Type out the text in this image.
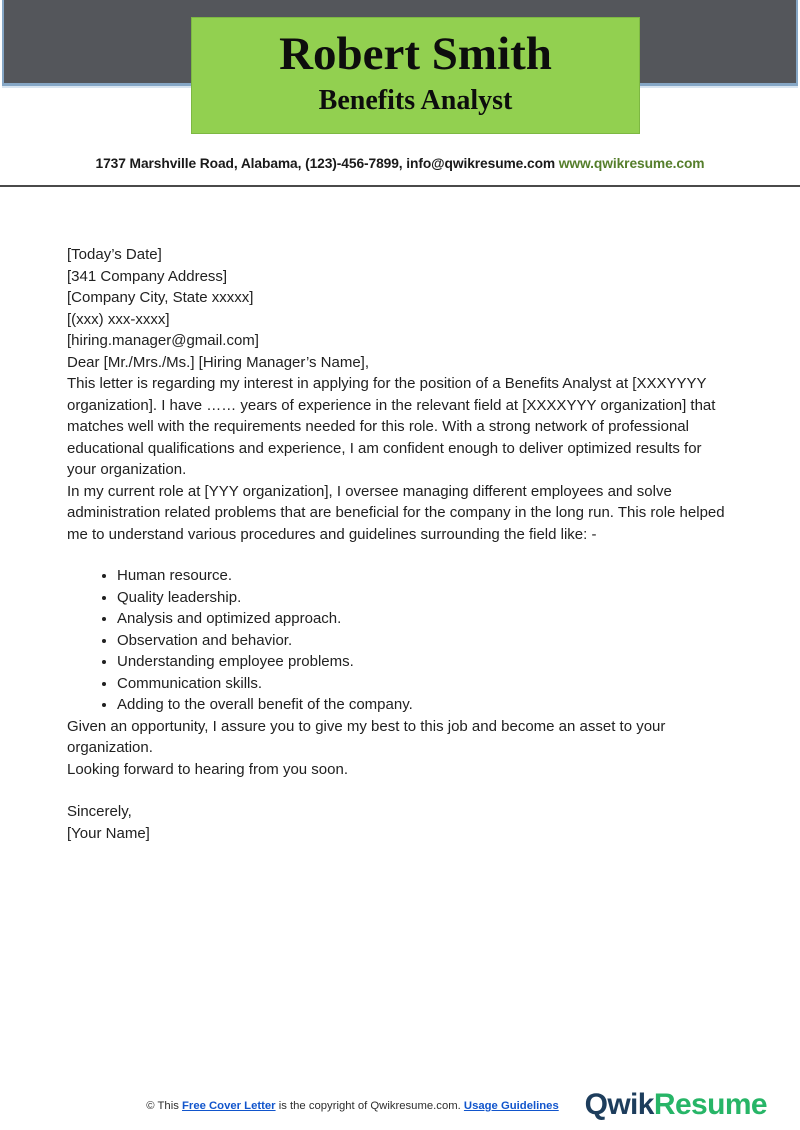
Robert Smith
Benefits Analyst
1737 Marshville Road, Alabama, (123)-456-7899, info@qwikresume.com www.qwikresume.com

[Today’s Date]

[341 Company Address]

[Company City, State xxxxx]

[(xxx) xxx-xxxx]

[hiring.manager@gmail.com]

Dear [Mr./Mrs./Ms.] [Hiring Manager’s Name],

This letter is regarding my interest in applying for the position of a Benefits Analyst at [XXXYYYY organization]. I have …… years of experience in the relevant field at [XXXXYYY organization] that matches well with the requirements needed for this role. With a strong network of professional educational qualifications and experience, I am confident enough to deliver optimized results for your organization.

In my current role at [YYY organization], I oversee managing different employees and solve administration related problems that are beneficial for the company in the long run. This role helped me to understand various procedures and guidelines surrounding the field like: -

• Human resource.
• Quality leadership.
• Analysis and optimized approach.
• Observation and behavior.
• Understanding employee problems.
• Communication skills.
• Adding to the overall benefit of the company.

Given an opportunity, I assure you to give my best to this job and become an asset to your organization.

Looking forward to hearing from you soon.

Sincerely,

[Your Name]

© This Free Cover Letter is the copyright of Qwikresume.com. Usage Guidelines QwikResume
